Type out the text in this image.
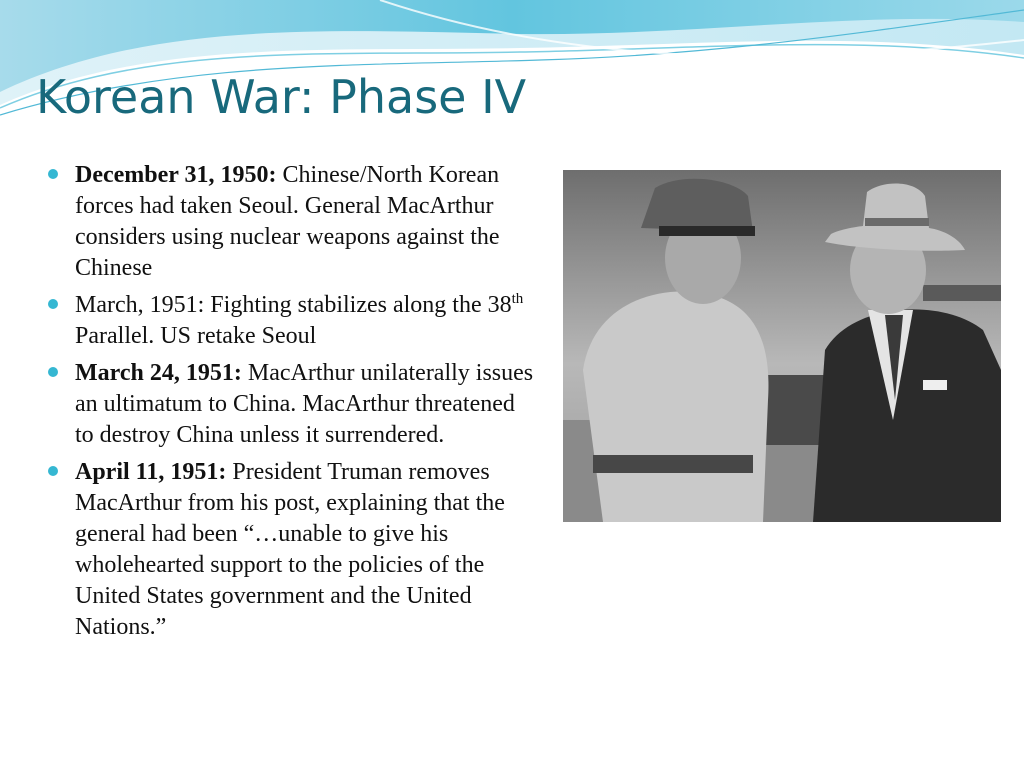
Korean War: Phase IV
December 31, 1950: Chinese/North Korean forces had taken Seoul. General MacArthur considers using nuclear weapons against the Chinese
March, 1951: Fighting stabilizes along the 38th Parallel. US retake Seoul
March 24, 1951: MacArthur unilaterally issues an ultimatum to China. MacArthur threatened to destroy China unless it surrendered.
April 11, 1951: President Truman removes MacArthur from his post, explaining that the general had been “…unable to give his wholehearted support to the policies of the United States government and the United Nations.”
